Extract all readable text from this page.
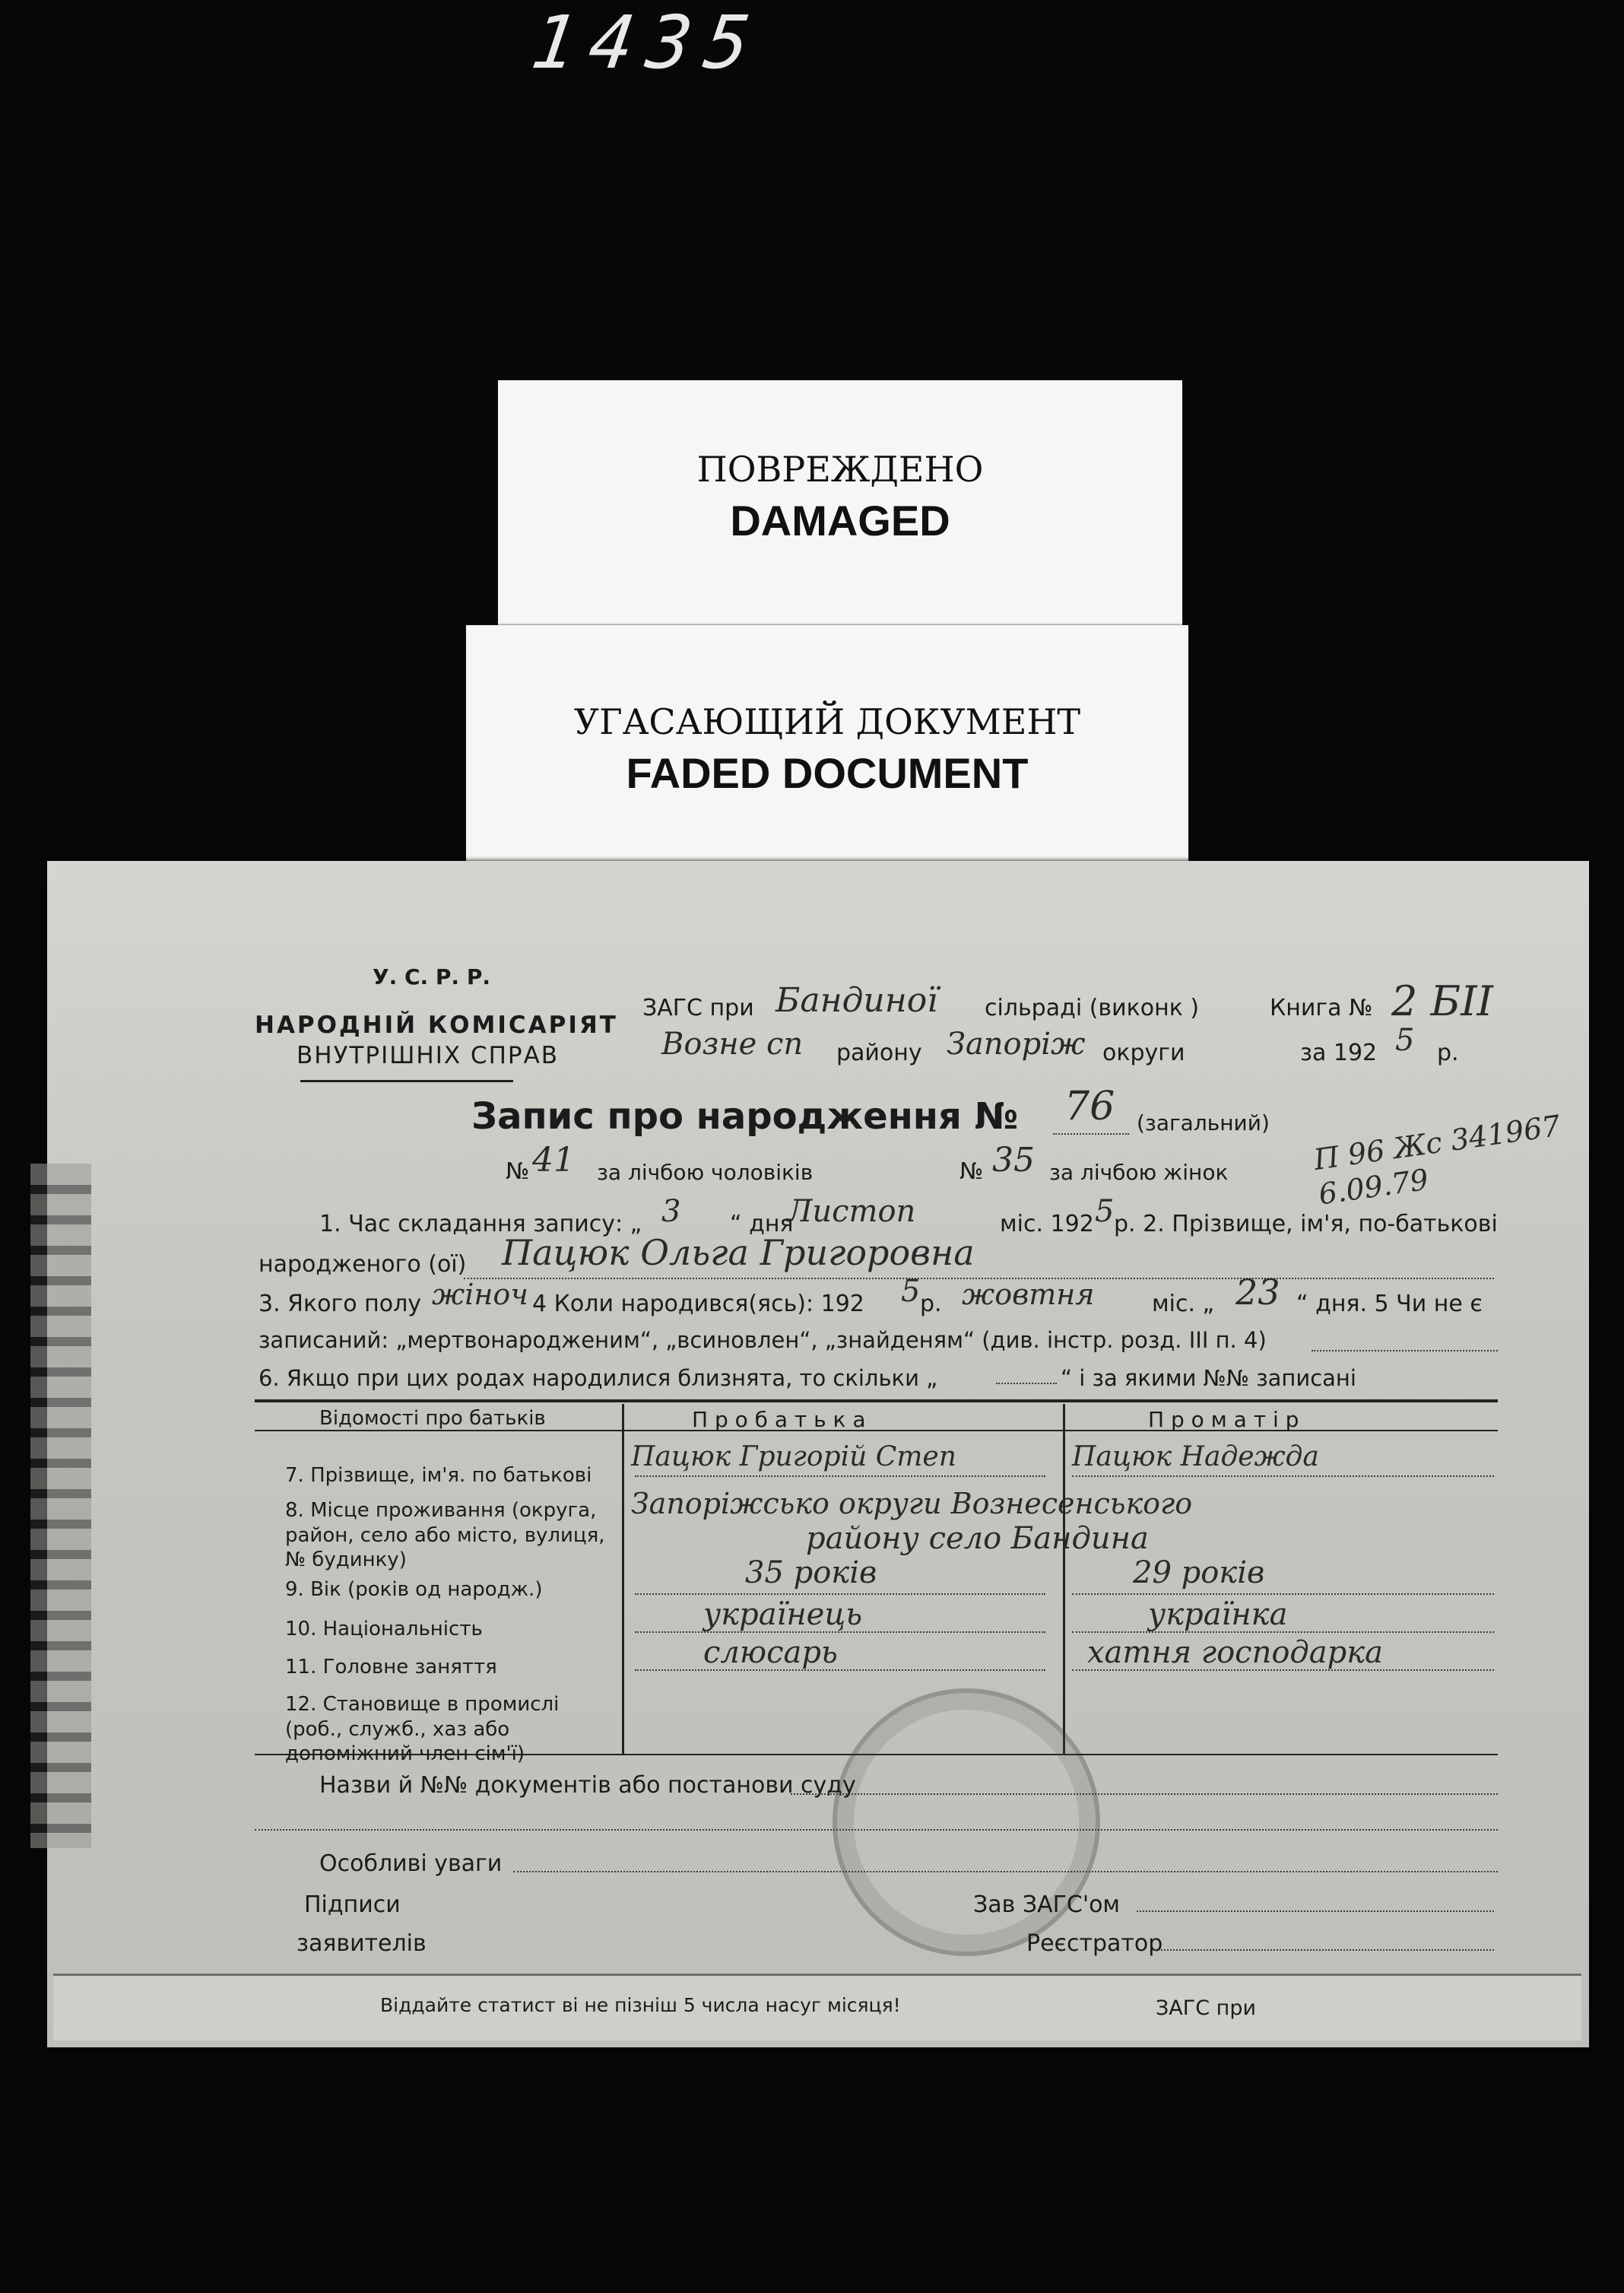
1435
ПОВРЕЖДЕНО
DAMAGED
УГАСАЮЩИЙ ДОКУМЕНТ
FADED DOCUMENT
У. С. Р. Р.
НАРОДНІЙ КОМІСАРІЯТ
ВНУТРІШНІХ СПРАВ
ЗАГС при Бандиної сільраді (виконк )
Возне сп району Запоріж округи
Книга № 2 БІІ
за 192 5 р.
Запис про народження № 76 (загальний)
№ 41 за лічбою чоловіків	№ 35 за лічбою жінок	П 96 Жс 341967 6.09.79
1. Час складання запису: „ 3 “ дня
Листоп	міс. 192 5 р. 2. Прізвище, ім'я, по-батькові
народженого (ої) Пацюк Ольга Григоровна
3. Якого полу жіноч 4 Коли народився(ясь): 192 5 р. жовтня	міс. „ 23 “ дня. 5 Чи не є
записаний: „мертвонародженим“, „всиновлен“, „знайденям“ (див. інстр. розд. III п. 4)
6. Якщо при цих родах народилися близнята, то скільки „	“ і за якими №№ записані
Відомості про батьків	П р о б а т ь к а	П р о м а т і р
7. Прізвище, ім'я. по батькові
Пацюк Григорій Степ	Пацюк Надежда
8. Місце проживання (округа, район, село або місто, вулиця, № будинку)
Запоріжсько округи Вознесенського
району село Бандина
9. Вік (років од народж.)	35 років	29 років
10. Національність	українець	українка
11. Головне заняття	слюсарь	хатня господарка
12. Становище в промислі (роб., служб., хаз або допоміжний член сім'ї)
Назви й №№ документів або постанови суду
Особливі уваги
Підписи
заявителів
Зав ЗАГС'ом
Реєстратор
Віддайте статист ві не пізніш 5 числа насуг місяця!	ЗАГС при
